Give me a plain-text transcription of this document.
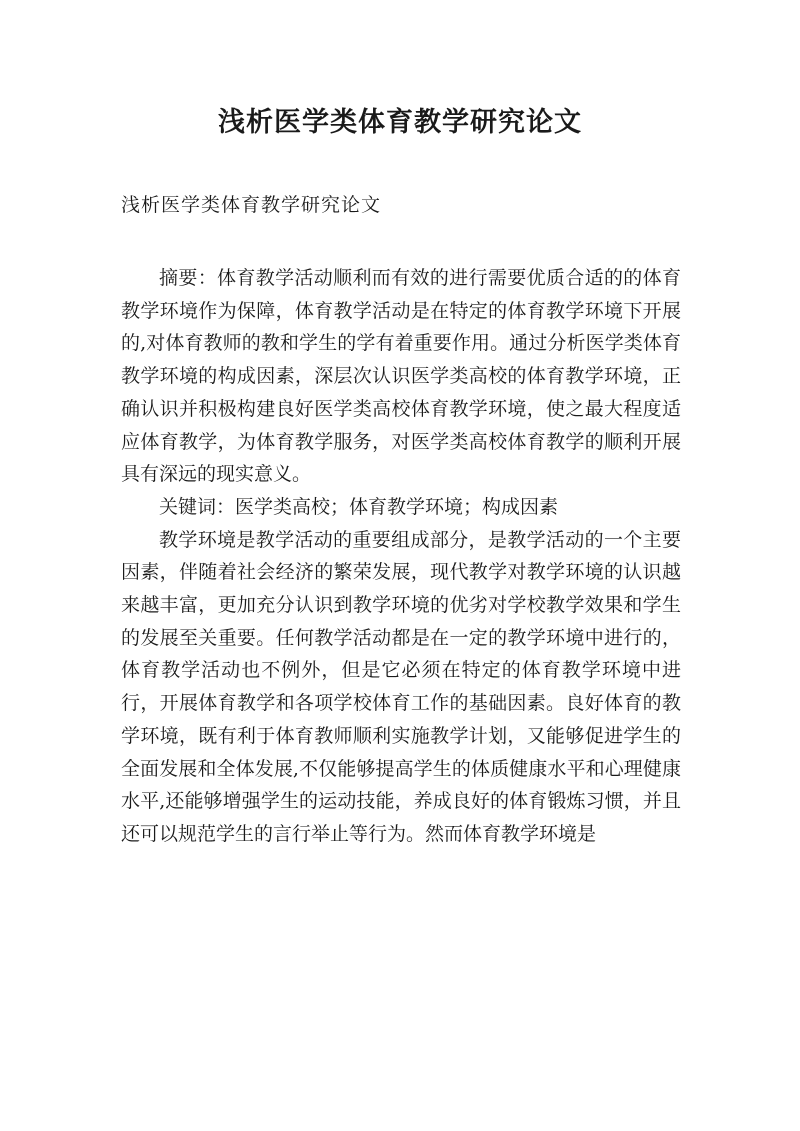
浅析医学类体育教学研究论文
浅析医学类体育教学研究论文

摘要：体育教学活动顺利而有效的进行需要优质合适的的体育教学环境作为保障，体育教学活动是在特定的体育教学环境下开展的,对体育教师的教和学生的学有着重要作用。通过分析医学类体育教学环境的构成因素，深层次认识医学类高校的体育教学环境，正确认识并积极构建良好医学类高校体育教学环境，使之最大程度适应体育教学，为体育教学服务，对医学类高校体育教学的顺利开展具有深远的现实意义。

关键词：医学类高校；体育教学环境；构成因素

教学环境是教学活动的重要组成部分，是教学活动的一个主要因素，伴随着社会经济的繁荣发展，现代教学对教学环境的认识越来越丰富，更加充分认识到教学环境的优劣对学校教学效果和学生的发展至关重要。任何教学活动都是在一定的教学环境中进行的，体育教学活动也不例外，但是它必须在特定的体育教学环境中进行，开展体育教学和各项学校体育工作的基础因素。良好体育的教学环境，既有利于体育教师顺利实施教学计划，又能够促进学生的全面发展和全体发展,不仅能够提高学生的体质健康水平和心理健康水平,还能够增强学生的运动技能，养成良好的体育锻炼习惯，并且还可以规范学生的言行举止等行为。然而体育教学环境是
